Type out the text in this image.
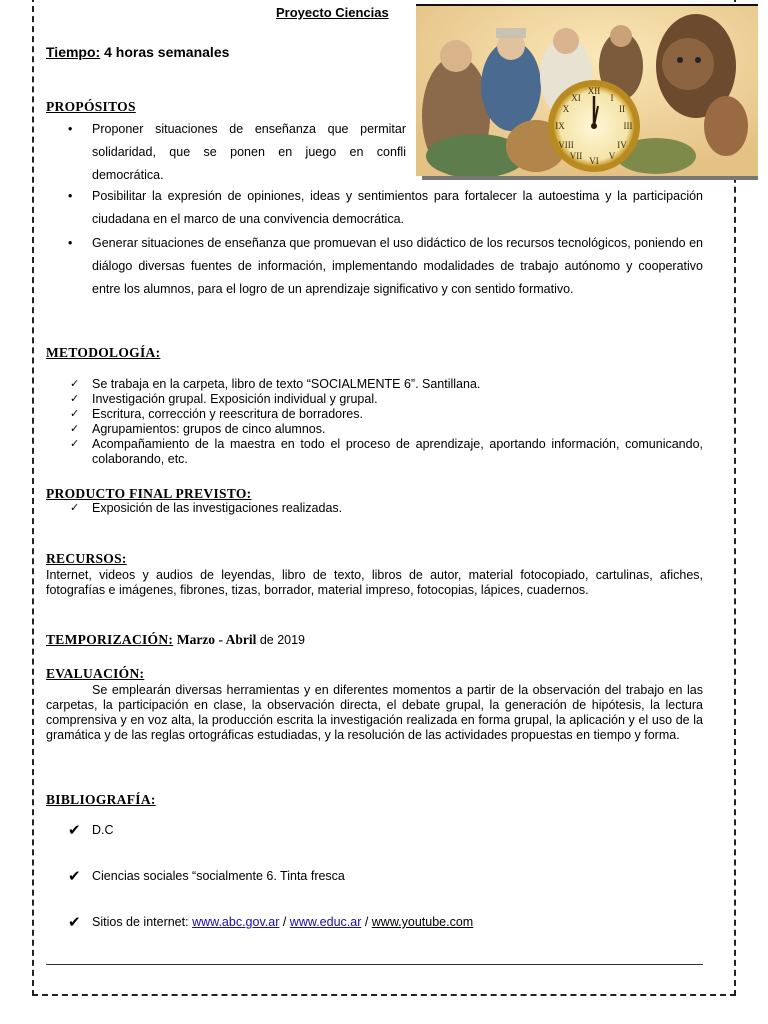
Proyecto Ciencias
Tiempo: 4 horas semanales
XII
VI
III
IX
I
II
IV
V
VII
VIII
X
XI
PROPÓSITOS
• Proponer situaciones de enseñanza que permitar
solidaridad, que se ponen en juego en confli
democrática.
• Posibilitar la expresión de opiniones, ideas y sentimientos para fortalecer la autoestima y la participación ciudadana en el marco de una convivencia democrática.
• Generar situaciones de enseñanza que promuevan el uso didáctico de los recursos tecnológicos, poniendo en diálogo diversas fuentes de información, implementando modalidades de trabajo autónomo y cooperativo entre los alumnos, para el logro de un aprendizaje significativo y con sentido formativo.
METODOLOGÍA:
✓ Se trabaja en la carpeta, libro de texto “SOCIALMENTE 6”. Santillana.
✓ Investigación grupal. Exposición individual y grupal.
✓ Escritura, corrección y reescritura de borradores.
✓ Agrupamientos: grupos de cinco alumnos.
✓ Acompañamiento de la maestra en todo el proceso de aprendizaje, aportando información, comunicando, colaborando, etc.
PRODUCTO FINAL PREVISTO:
✓ Exposición de las investigaciones realizadas.
RECURSOS:
Internet, videos y audios de leyendas, libro de texto, libros de autor, material fotocopiado, cartulinas, afiches, fotografías e imágenes, fibrones, tizas, borrador, material impreso, fotocopias, lápices, cuadernos.
TEMPORIZACIÓN: Marzo - Abril de 2019
EVALUACIÓN:
Se emplearán diversas herramientas y en diferentes momentos a partir de la observación del trabajo en las carpetas, la participación en clase, la observación directa, el debate grupal, la generación de hipótesis, la lectura comprensiva y en voz alta, la producción escrita la investigación realizada en forma grupal, la aplicación y el uso de la gramática y de las reglas ortográficas estudiadas, y la resolución de las actividades propuestas en tiempo y forma.
BIBLIOGRAFÍA:
✔ D.C
✔ Ciencias sociales “socialmente 6. Tinta fresca
✔ Sitios de internet: www.abc.gov.ar / www.educ.ar / www.youtube.com
